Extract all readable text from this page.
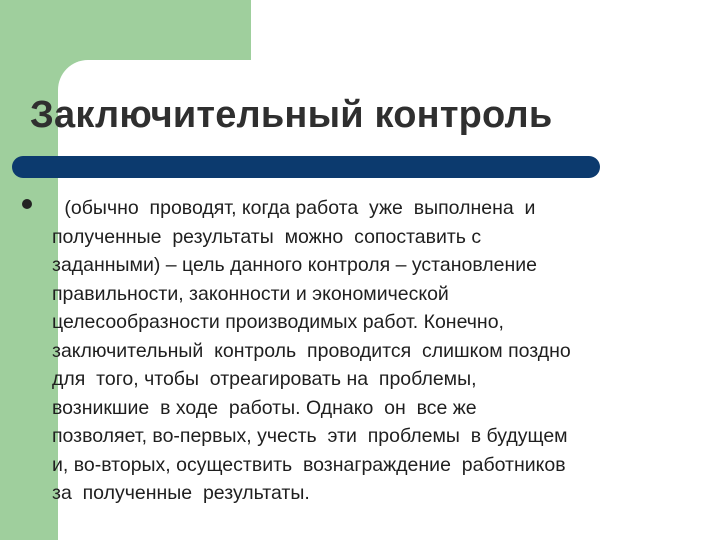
Заключительный контроль

(обычно  проводят, когда работа  уже  выполнена  и
полученные  результаты  можно  сопоставить с
заданными) – цель данного контроля – установление
правильности, законности и экономической
целесообразности производимых работ. Конечно,
заключительный  контроль  проводится  слишком поздно
для  того, чтобы  отреагировать на  проблемы,
возникшие  в ходе  работы. Однако  он  все же
позволяет, во-первых, учесть  эти  проблемы  в будущем
и, во-вторых, осуществить  вознаграждение  работников
за  полученные  результаты.
